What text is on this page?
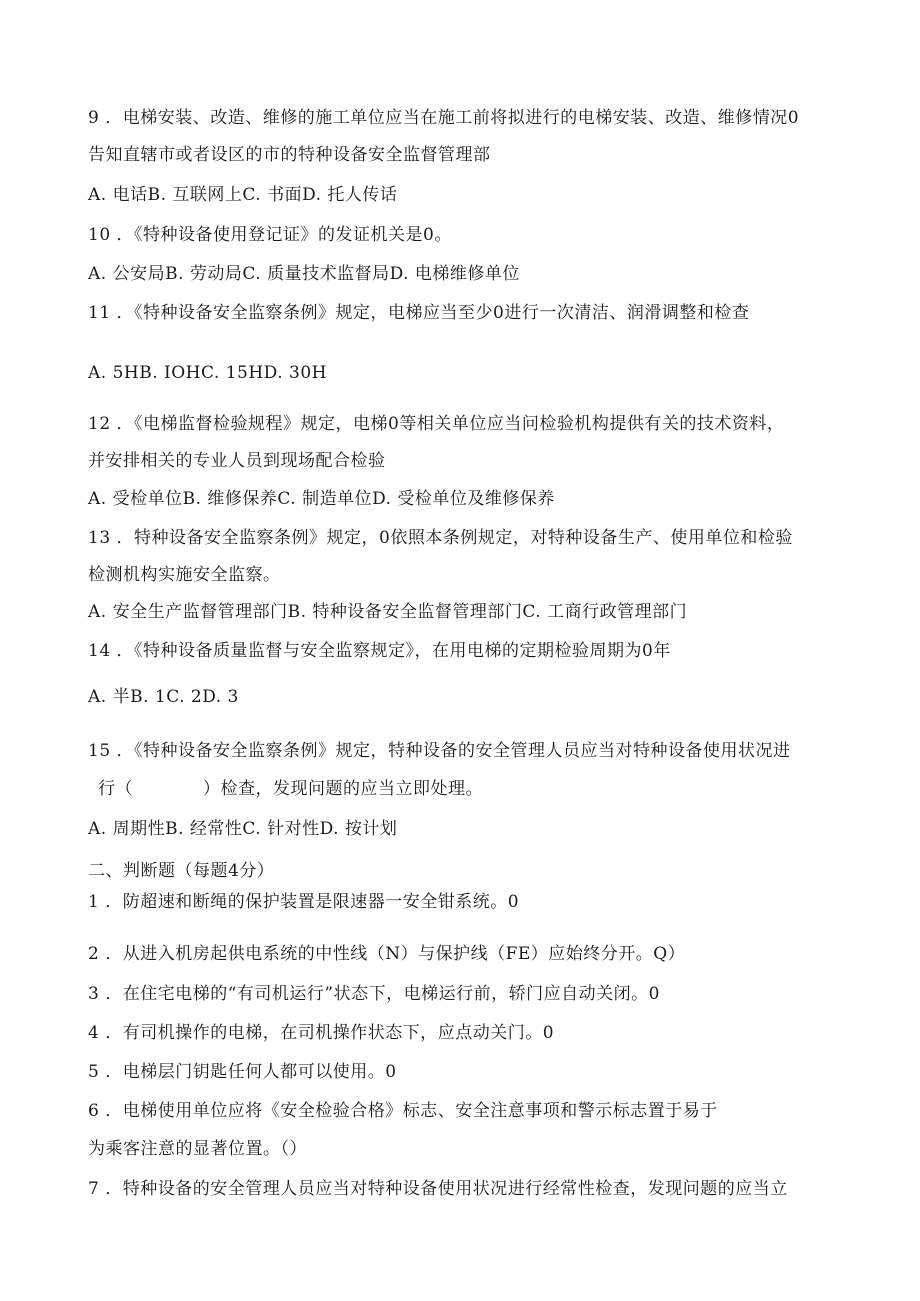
9 ．电梯安装、改造、维修的施工单位应当在施工前将拟进行的电梯安装、改造、维修情况0
告知直辖市或者设区的市的特种设备安全监督管理部
A. 电话B. 互联网上C. 书面D. 托人传话
10 ．《特种设备使用登记证》的发证机关是0。
A. 公安局B. 劳动局C. 质量技术监督局D. 电梯维修单位
11 ．《特种设备安全监察条例》规定，电梯应当至少0进行一次清洁、润滑调整和检查
A. 5HB. IOHC. 15HD. 30H
12 ．《电梯监督检验规程》规定，电梯0等相关单位应当问检验机构提供有关的技术资料，
并安排相关的专业人员到现场配合检验
A. 受检单位B. 维修保养C. 制造单位D. 受检单位及维修保养
13 ．特种设备安全监察条例》规定，0依照本条例规定，对特种设备生产、使用单位和检验
检测机构实施安全监察。
A. 安全生产监督管理部门B. 特种设备安全监督管理部门C. 工商行政管理部门
14 ．《特种设备质量监督与安全监察规定》，在用电梯的定期检验周期为0年
A. 半B. 1C. 2D. 3
15 ．《特种设备安全监察条例》规定，特种设备的安全管理人员应当对特种设备使用状况进
行（　　　　）检查，发现问题的应当立即处理。
A. 周期性B. 经常性C. 针对性D. 按计划
二、判断题（每题4分）
1 ．防超速和断绳的保护装置是限速器一安全钳系统。0
2 ．从进入机房起供电系统的中性线（N）与保护线（FE）应始终分开。Q）
3 ．在住宅电梯的“有司机运行”状态下，电梯运行前，轿门应自动关闭。0
4 ．有司机操作的电梯，在司机操作状态下，应点动关门。0
5 ．电梯层门钥匙任何人都可以使用。0
6 ．电梯使用单位应将《安全检验合格》标志、安全注意事项和警示标志置于易于
为乘客注意的显著位置。（）
7 ．特种设备的安全管理人员应当对特种设备使用状况进行经常性检查，发现问题的应当立
